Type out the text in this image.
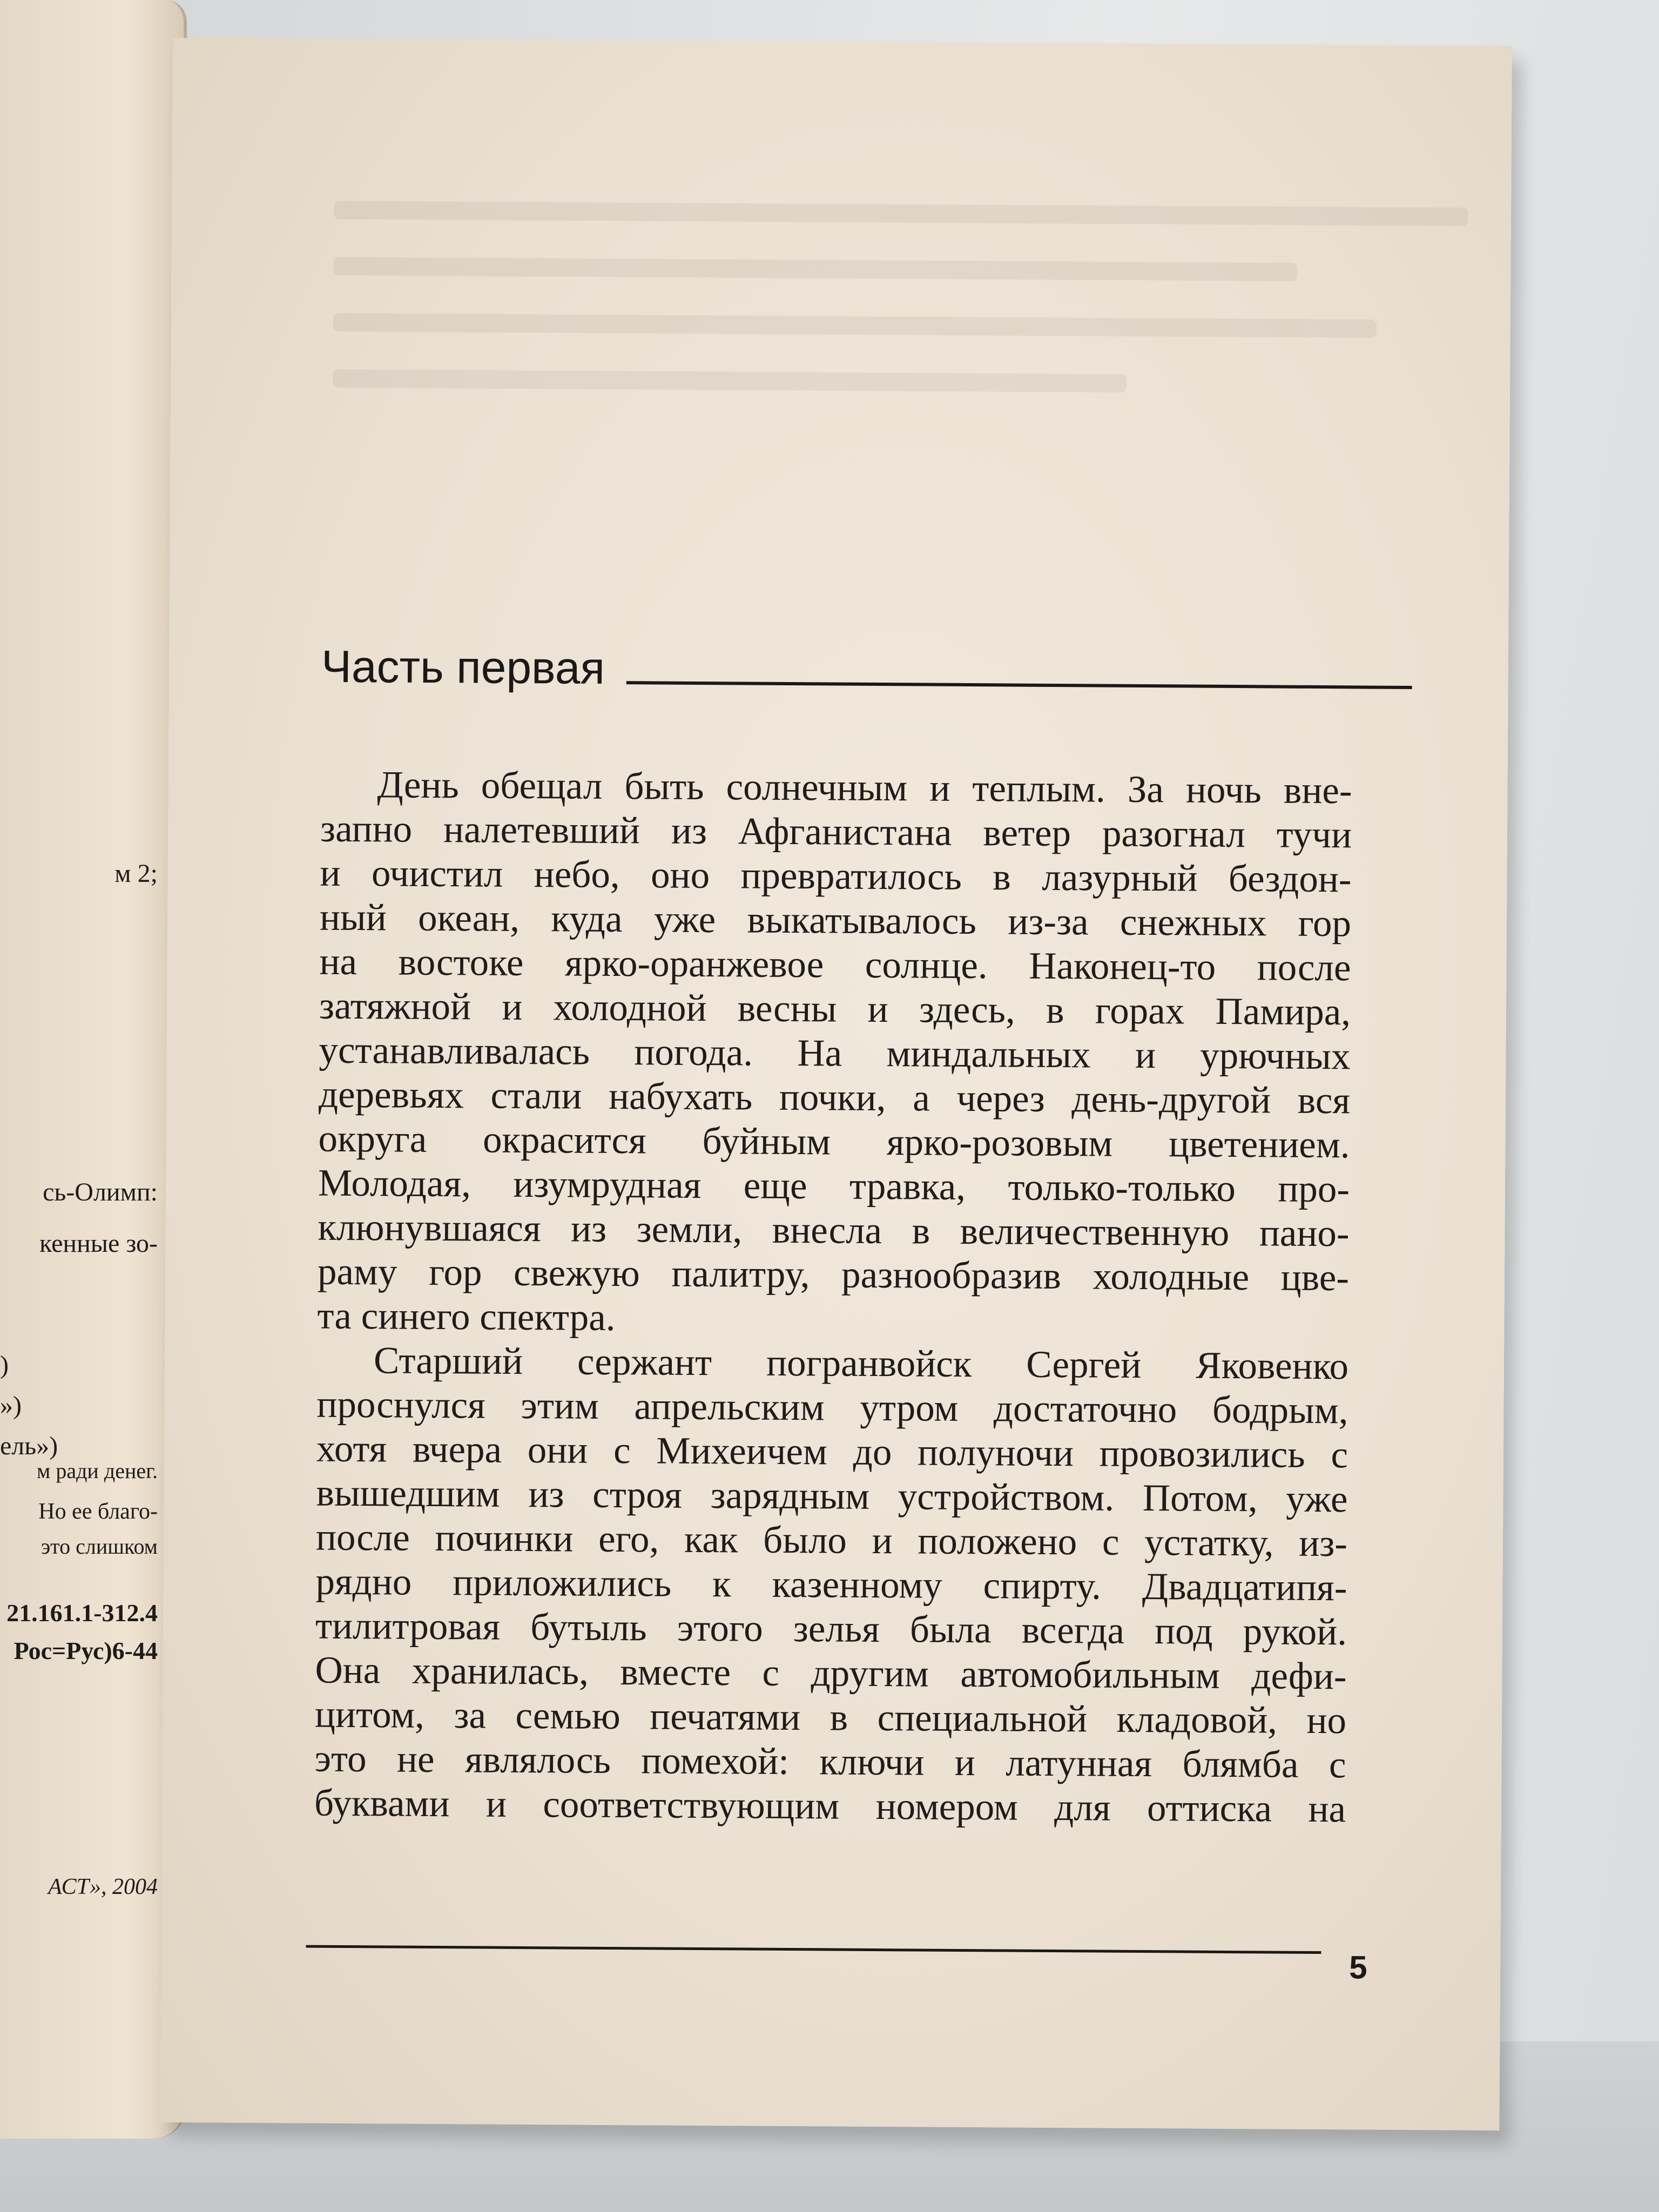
м 2;
сь-Олимп:
кенные зо-
)
»)
ель»)
м ради денег.
Но ее благо-
это слишком
21.161.1-312.4
Рос=Рус)6-44
АСТ», 2004
Часть первая
День обещал быть солнечным и теплым. За ночь вне-
запно налетевший из Афганистана ветер разогнал тучи
и очистил небо, оно превратилось в лазурный бездон-
ный океан, куда уже выкатывалось из-за снежных гор
на востоке ярко-оранжевое солнце. Наконец-то после
затяжной и холодной весны и здесь, в горах Памира,
устанавливалась погода. На миндальных и урючных
деревьях стали набухать почки, а через день-другой вся
округа окрасится буйным ярко-розовым цветением.
Молодая, изумрудная еще травка, только-только про-
клюнувшаяся из земли, внесла в величественную пано-
раму гор свежую палитру, разнообразив холодные цве-
та синего спектра.
Старший сержант погранвойск Сергей Яковенко
проснулся этим апрельским утром достаточно бодрым,
хотя вчера они с Михеичем до полуночи провозились с
вышедшим из строя зарядным устройством. Потом, уже
после починки его, как было и положено с устатку, из-
рядно приложились к казенному спирту. Двадцатипя-
тилитровая бутыль этого зелья была всегда под рукой.
Она хранилась, вместе с другим автомобильным дефи-
цитом, за семью печатями в специальной кладовой, но
это не являлось помехой: ключи и латунная блямба с
буквами и соответствующим номером для оттиска на
5
